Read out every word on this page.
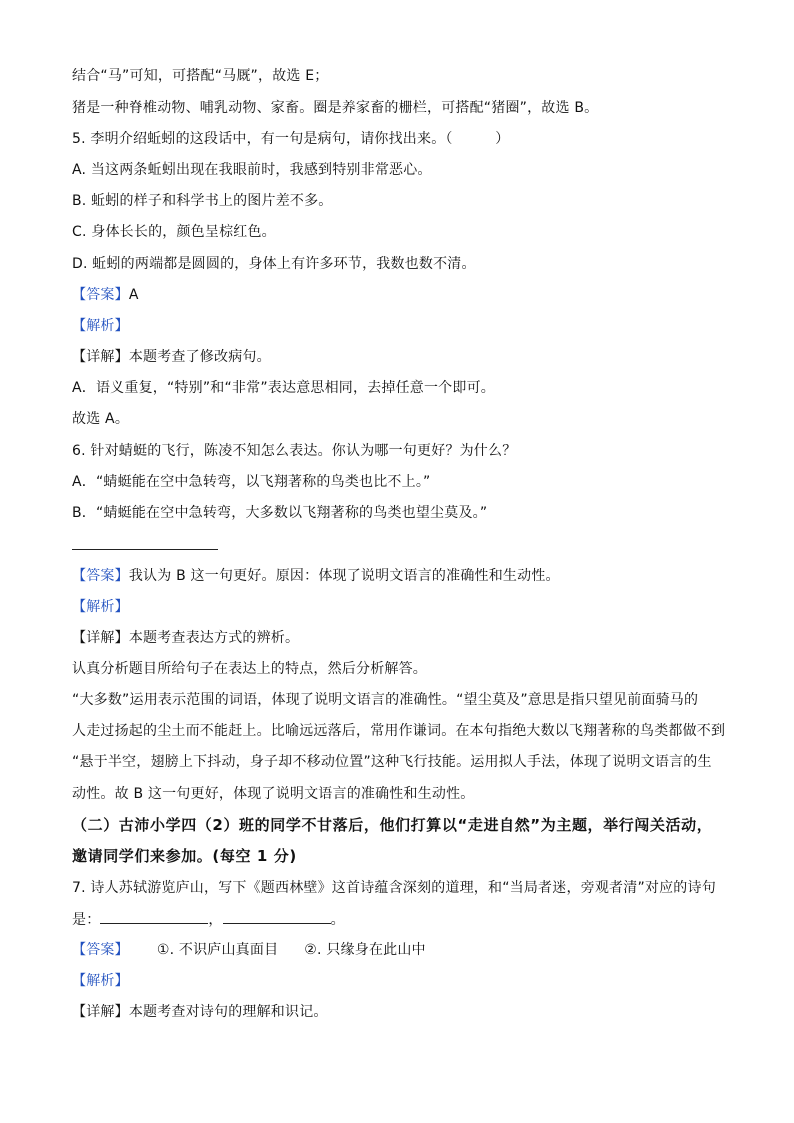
结合“马”可知，可搭配“马厩”，故选 E；
猪是一种脊椎动物、哺乳动物、家畜。圈是养家畜的栅栏，可搭配“猪圈”，故选 B。
5. 李明介绍蚯蚓的这段话中，有一句是病句，请你找出来。（　　　）
A. 当这两条蚯蚓出现在我眼前时，我感到特别非常恶心。
B. 蚯蚓的样子和科学书上的图片差不多。
C. 身体长长的，颜色呈棕红色。
D. 蚯蚓的两端都是圆圆的，身体上有许多环节，我数也数不清。
【答案】A
【解析】
【详解】本题考查了修改病句。
A．语义重复，“特别”和“非常”表达意思相同，去掉任意一个即可。
故选 A。
6. 针对蜻蜓的飞行，陈凌不知怎么表达。你认为哪一句更好？为什么？
A．“蜻蜓能在空中急转弯，以飞翔著称的鸟类也比不上。”
B．“蜻蜓能在空中急转弯，大多数以飞翔著称的鸟类也望尘莫及。”
【答案】我认为 B 这一句更好。原因：体现了说明文语言的准确性和生动性。
【解析】
【详解】本题考查表达方式的辨析。
认真分析题目所给句子在表达上的特点，然后分析解答。
“大多数”运用表示范围的词语，体现了说明文语言的准确性。“望尘莫及”意思是指只望见前面骑马的
人走过扬起的尘土而不能赶上。比喻远远落后，常用作谦词。在本句指绝大数以飞翔著称的鸟类都做不到
“悬于半空，翅膀上下抖动，身子却不移动位置”这种飞行技能。运用拟人手法，体现了说明文语言的生
动性。故 B 这一句更好，体现了说明文语言的准确性和生动性。
（二）古沛小学四（2）班的同学不甘落后，他们打算以“走进自然”为主题，举行闯关活动，
邀请同学们来参加。(每空 1 分)
7. 诗人苏轼游览庐山，写下《题西林壁》这首诗蕴含深刻的道理，和“当局者迷，旁观者清”对应的诗句
是：	，	。
【答案】 ①. 不识庐山真面目 ②. 只缘身在此山中
【解析】
【详解】本题考查对诗句的理解和识记。
